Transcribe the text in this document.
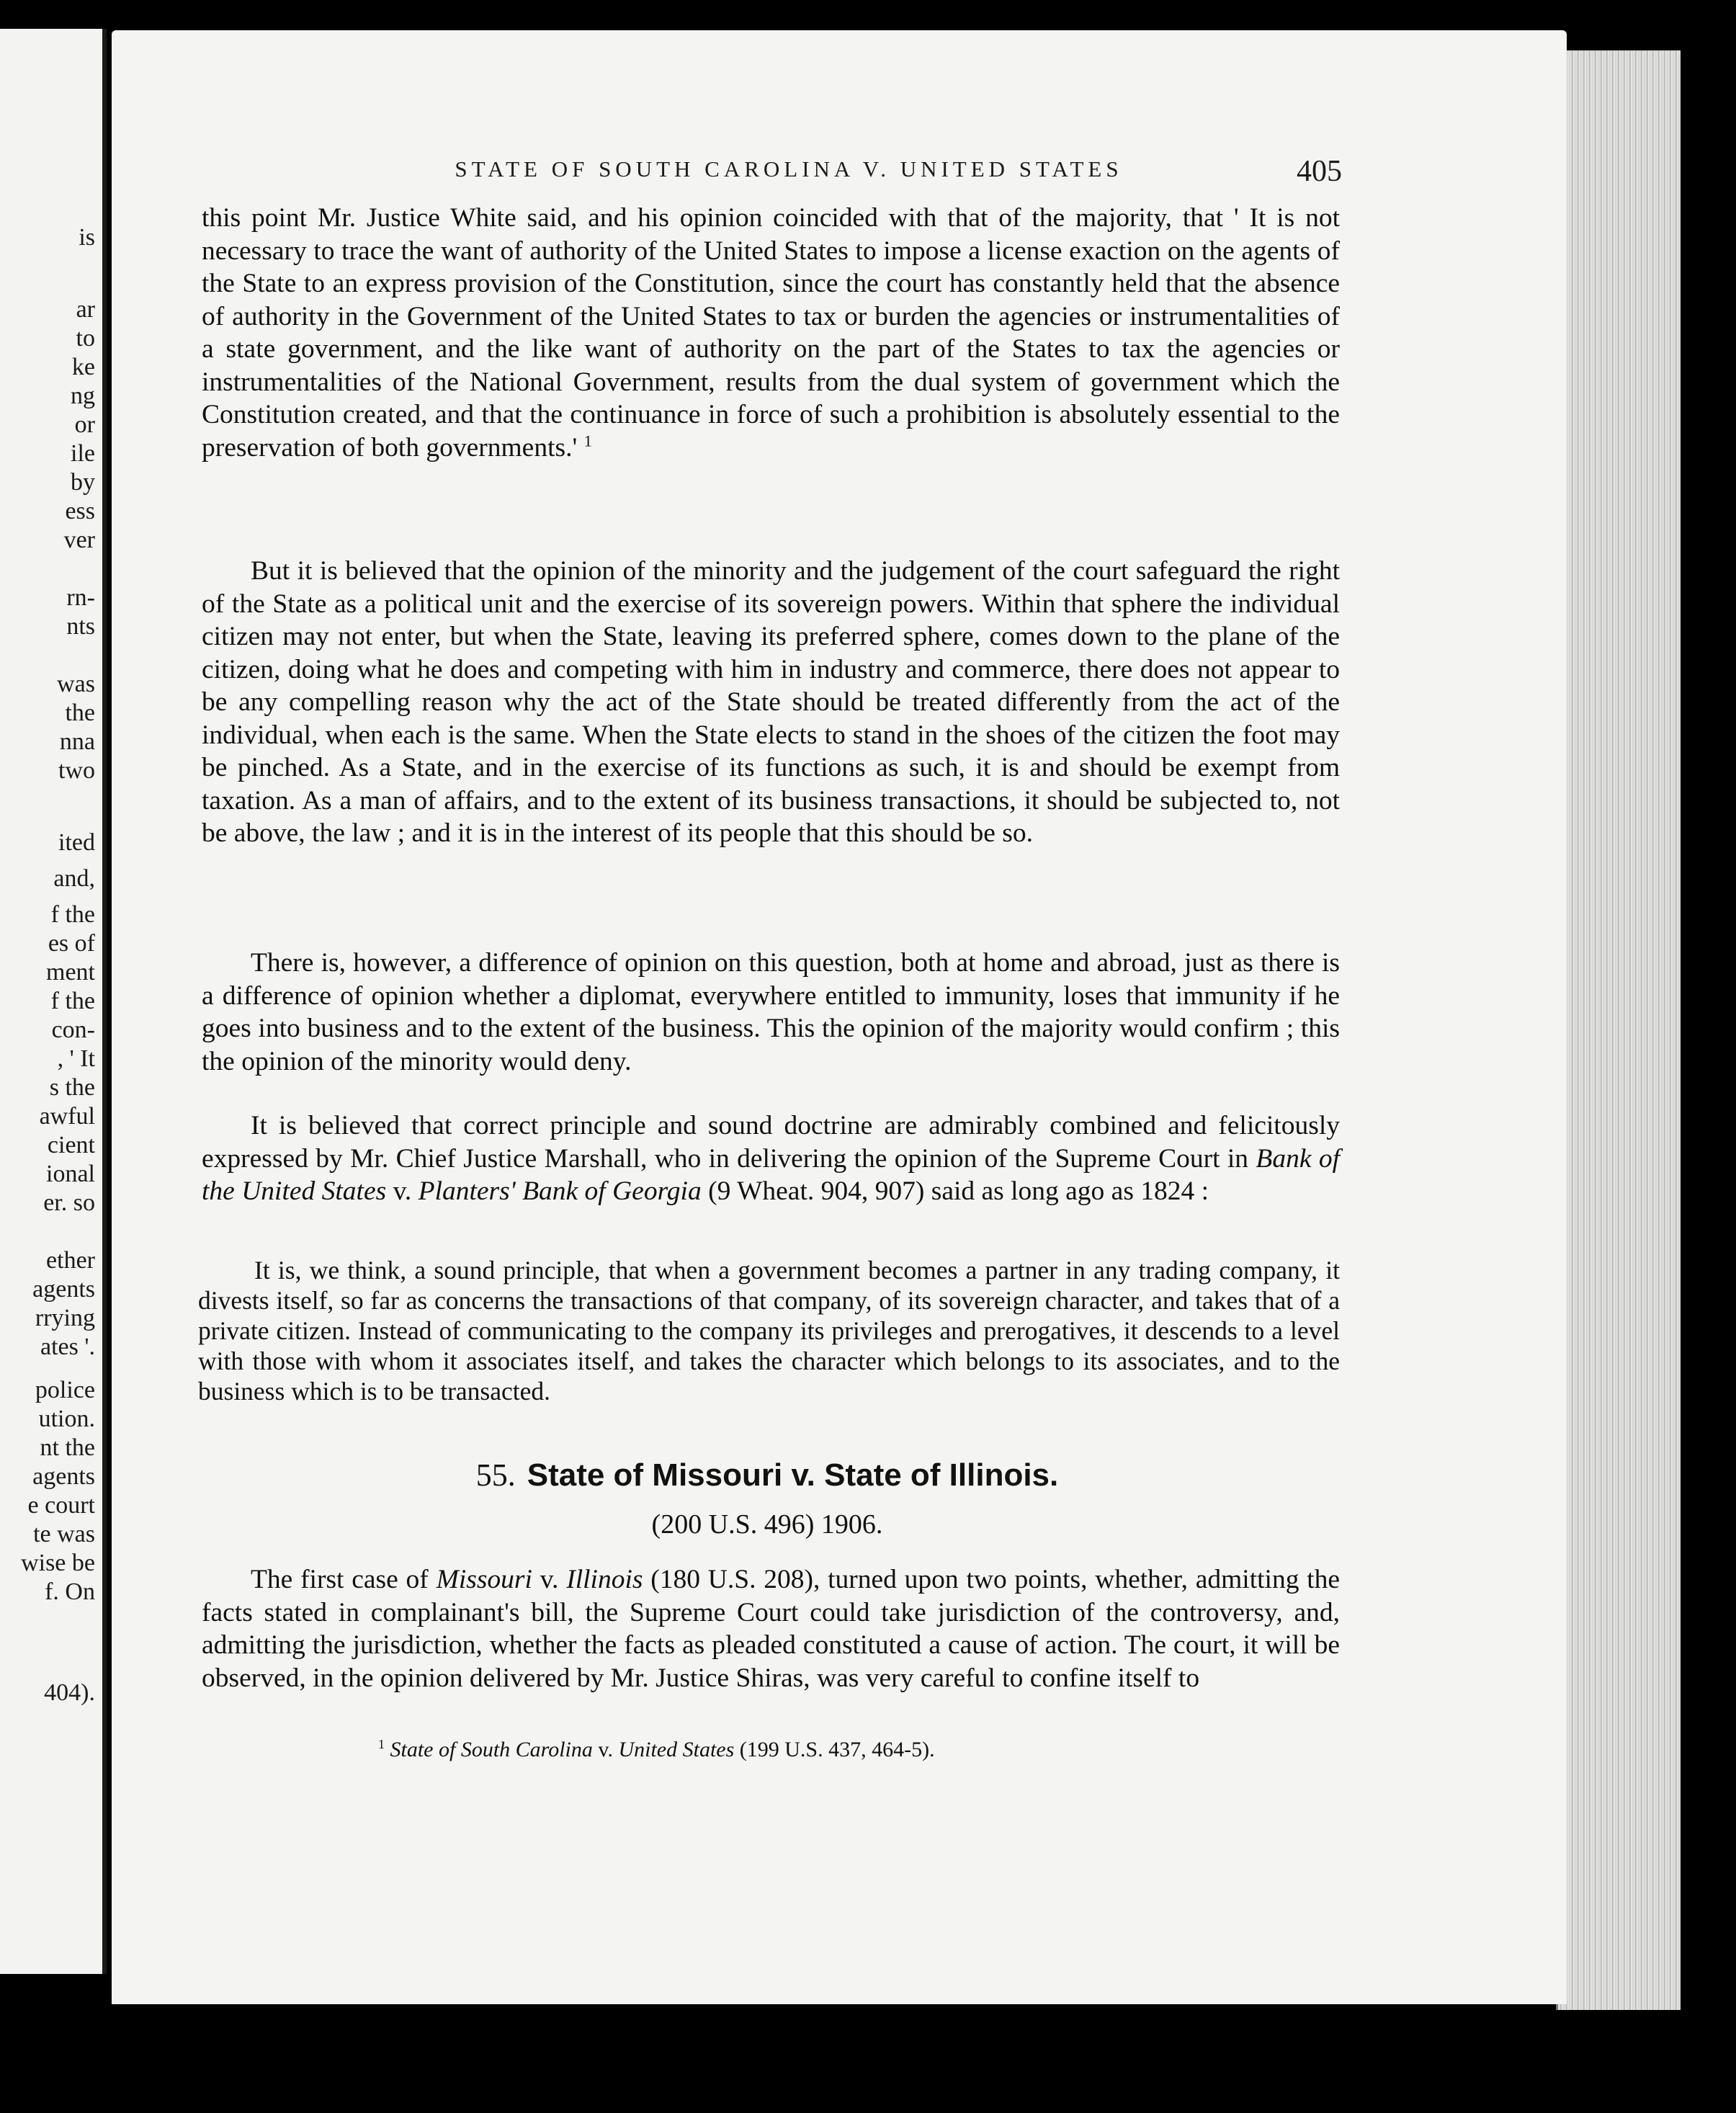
is
ar
to
ke
ng
or
ile
by
ess
ver
rn-
nts
was
the
nna
two
ited
and,
f the
es of
ment
f the
con-
, ' It
s the
awful
cient
ional
er. so
ether
agents
rrying
ates '.
police
ution.
nt the
agents
e court
te was
wise be
f. On
404).
STATE OF SOUTH CAROLINA V. UNITED STATES	405

this point Mr. Justice White said, and his opinion coincided with that of the majority, that ' It is not necessary to trace the want of authority of the United States to impose a license exaction on the agents of the State to an express provision of the Constitution, since the court has constantly held that the absence of authority in the Government of the United States to tax or burden the agencies or instrumentalities of a state government, and the like want of authority on the part of the States to tax the agencies or instrumentalities of the National Government, results from the dual system of government which the Constitution created, and that the continuance in force of such a prohibition is absolutely essential to the preservation of both governments.' $^1$

But it is believed that the opinion of the minority and the judgement of the court safeguard the right of the State as a political unit and the exercise of its sovereign powers. Within that sphere the individual citizen may not enter, but when the State, leaving its preferred sphere, comes down to the plane of the citizen, doing what he does and competing with him in industry and commerce, there does not appear to be any compelling reason why the act of the State should be treated differently from the act of the individual, when each is the same. When the State elects to stand in the shoes of the citizen the foot may be pinched. As a State, and in the exercise of its functions as such, it is and should be exempt from taxation. As a man of affairs, and to the extent of its business transactions, it should be subjected to, not be above, the law ; and it is in the interest of its people that this should be so.

There is, however, a difference of opinion on this question, both at home and abroad, just as there is a difference of opinion whether a diplomat, everywhere entitled to immunity, loses that immunity if he goes into business and to the extent of the business. This the opinion of the majority would confirm ; this the opinion of the minority would deny.

It is believed that correct principle and sound doctrine are admirably combined and felicitously expressed by Mr. Chief Justice Marshall, who in delivering the opinion of the Supreme Court in Bank of the United States v. Planters' Bank of Georgia (9 Wheat. 904, 907) said as long ago as 1824 :

It is, we think, a sound principle, that when a government becomes a partner in any trading company, it divests itself, so far as concerns the transactions of that company, of its sovereign character, and takes that of a private citizen. Instead of communicating to the company its privileges and prerogatives, it descends to a level with those with whom it associates itself, and takes the character which belongs to its associates, and to the business which is to be transacted.

55. State of Missouri v. State of Illinois.
(200 U.S. 496) 1906.

The first case of Missouri v. Illinois (180 U.S. 208), turned upon two points, whether, admitting the facts stated in complainant's bill, the Supreme Court could take jurisdiction of the controversy, and, admitting the jurisdiction, whether the facts as pleaded constituted a cause of action. The court, it will be observed, in the opinion delivered by Mr. Justice Shiras, was very careful to confine itself to

$^1$ State of South Carolina v. United States (199 U.S. 437, 464-5).
